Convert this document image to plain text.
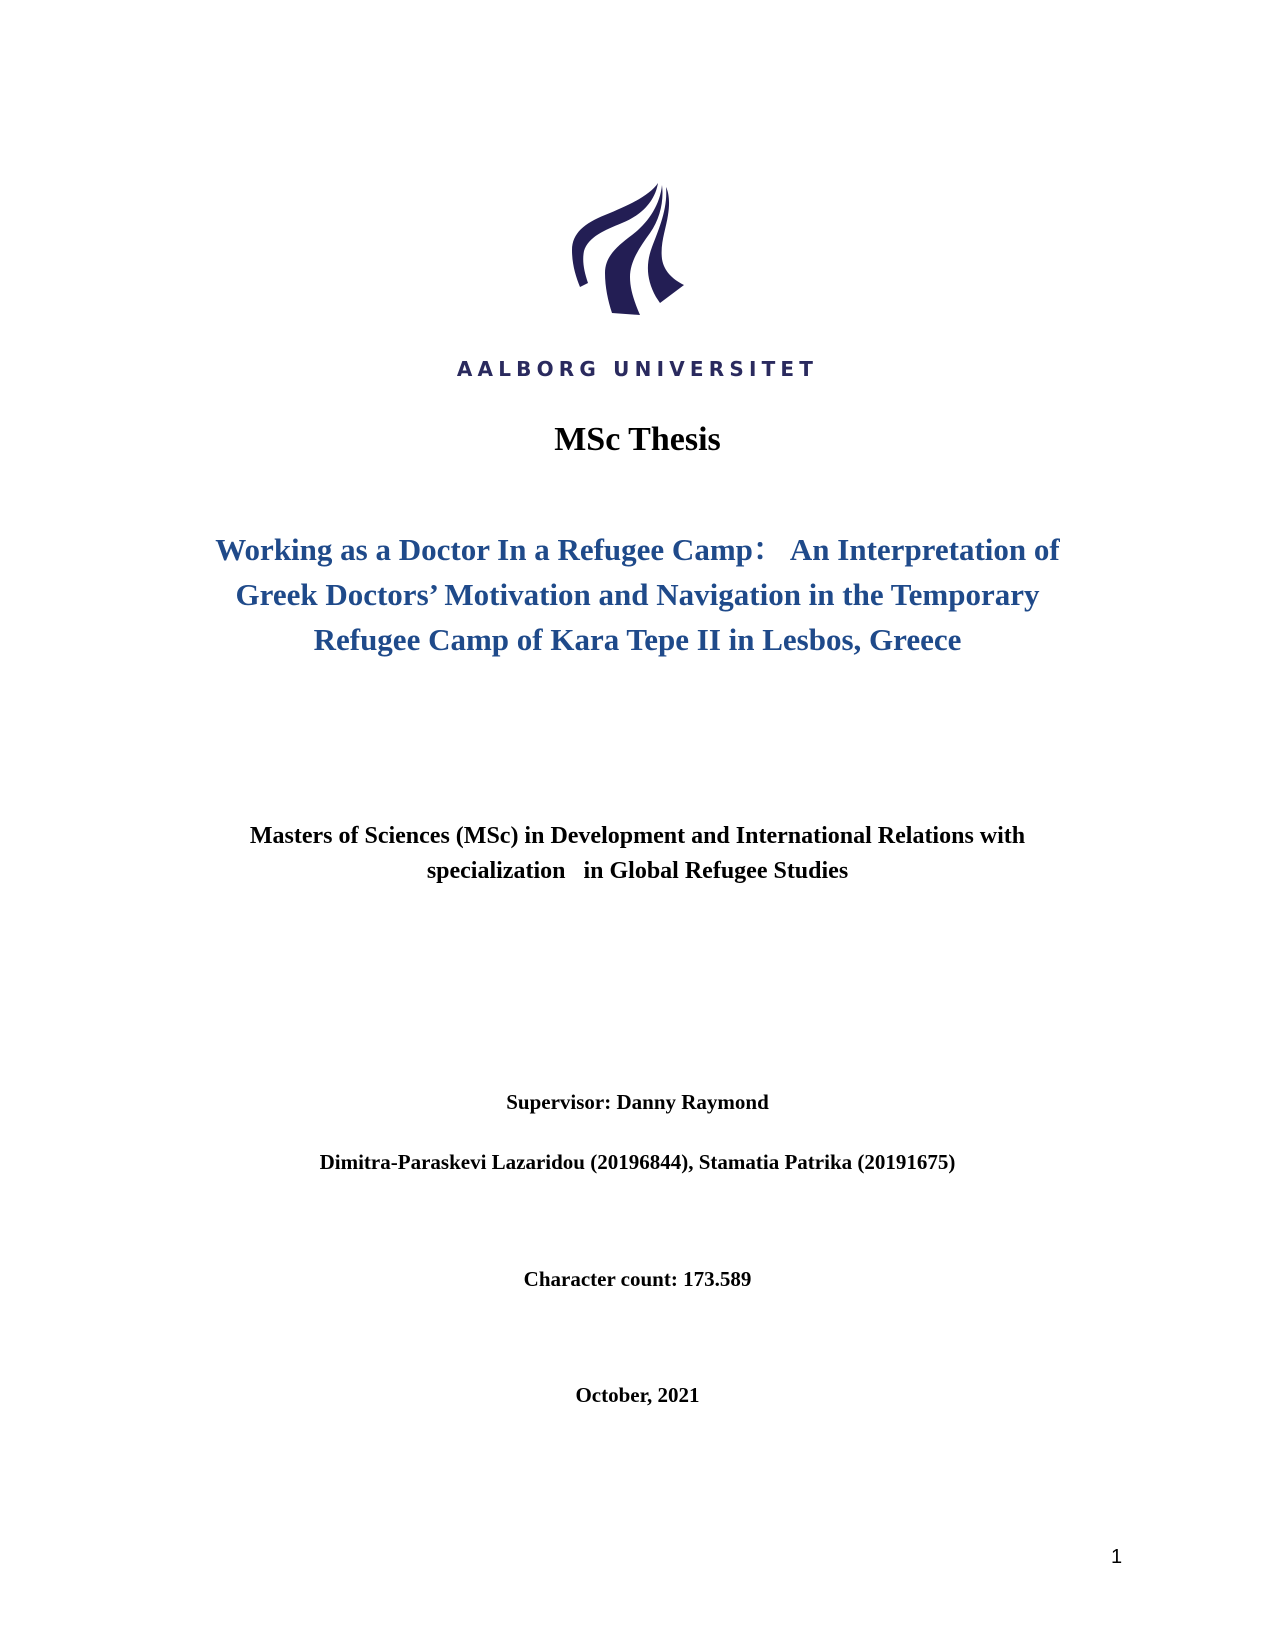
AALBORG UNIVERSITET
MSc Thesis
Working as a Doctor In a Refugee Camp： An Interpretation of
Greek Doctors’ Motivation and Navigation in the Temporary
Refugee Camp of Kara Tepe II in Lesbos, Greece
Masters of Sciences (MSc) in Development and International Relations with
specialization   in Global Refugee Studies
Supervisor: Danny Raymond
Dimitra-Paraskevi Lazaridou (20196844), Stamatia Patrika (20191675)
Character count: 173.589
October, 2021
1
